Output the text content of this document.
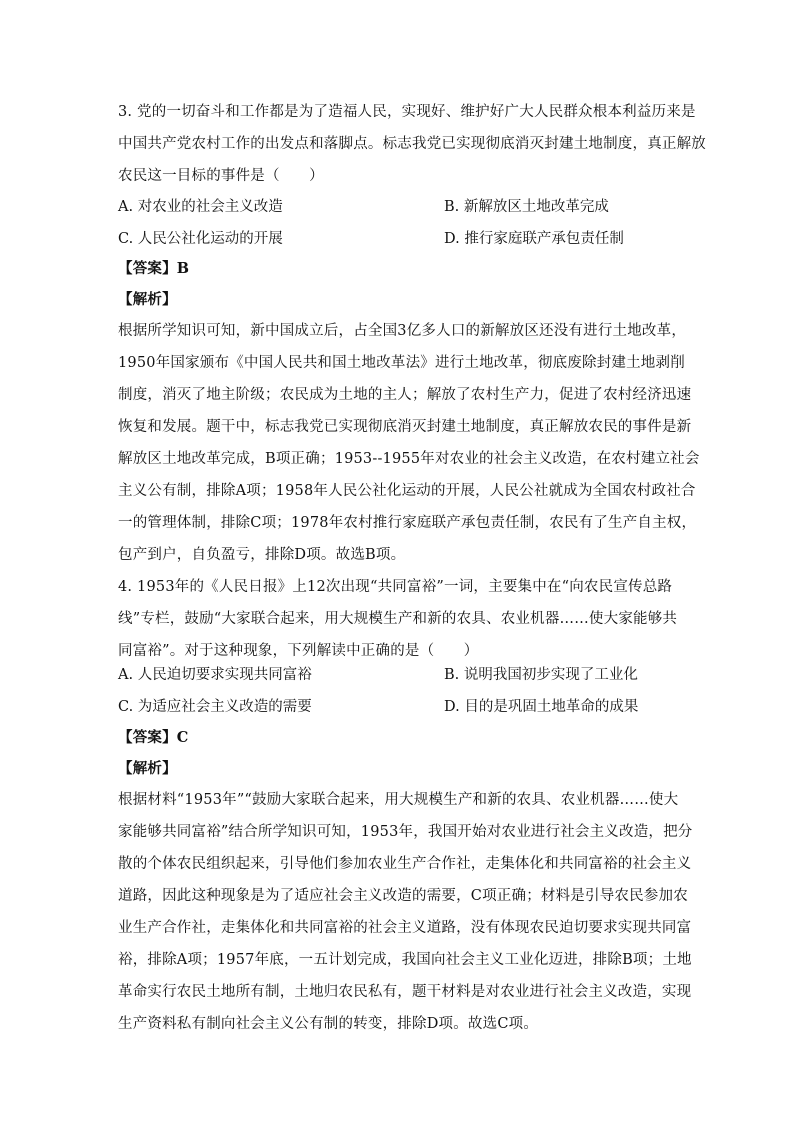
3. 党的一切奋斗和工作都是为了造福人民，实现好、维护好广大人民群众根本利益历来是
中国共产党农村工作的出发点和落脚点。标志我党已实现彻底消灭封建土地制度，真正解放
农民这一目标的事件是（　　）
A. 对农业的社会主义改造	B. 新解放区土地改革完成
C. 人民公社化运动的开展	D. 推行家庭联产承包责任制
【答案】B
【解析】
根据所学知识可知，新中国成立后，占全国3亿多人口的新解放区还没有进行土地改革，
1950年国家颁布《中国人民共和国土地改革法》进行土地改革，彻底废除封建土地剥削
制度，消灭了地主阶级；农民成为土地的主人；解放了农村生产力，促进了农村经济迅速
恢复和发展。题干中，标志我党已实现彻底消灭封建土地制度，真正解放农民的事件是新
解放区土地改革完成，B项正确；1953--1955年对农业的社会主义改造，在农村建立社会
主义公有制，排除A项；1958年人民公社化运动的开展，人民公社就成为全国农村政社合
一的管理体制，排除C项；1978年农村推行家庭联产承包责任制，农民有了生产自主权，
包产到户，自负盈亏，排除D项。故选B项。
4. 1953年的《人民日报》上12次出现“共同富裕”一词，主要集中在“向农民宣传总路
线”专栏，鼓励“大家联合起来，用大规模生产和新的农具、农业机器……使大家能够共
同富裕”。对于这种现象，下列解读中正确的是（　　）
A. 人民迫切要求实现共同富裕	B. 说明我国初步实现了工业化
C. 为适应社会主义改造的需要	D. 目的是巩固土地革命的成果
【答案】C
【解析】
根据材料“1953年”“鼓励大家联合起来，用大规模生产和新的农具、农业机器……使大
家能够共同富裕”结合所学知识可知，1953年，我国开始对农业进行社会主义改造，把分
散的个体农民组织起来，引导他们参加农业生产合作社，走集体化和共同富裕的社会主义
道路，因此这种现象是为了适应社会主义改造的需要，C项正确；材料是引导农民参加农
业生产合作社，走集体化和共同富裕的社会主义道路，没有体现农民迫切要求实现共同富
裕，排除A项；1957年底，一五计划完成，我国向社会主义工业化迈进，排除B项；土地
革命实行农民土地所有制，土地归农民私有，题干材料是对农业进行社会主义改造，实现
生产资料私有制向社会主义公有制的转变，排除D项。故选C项。
